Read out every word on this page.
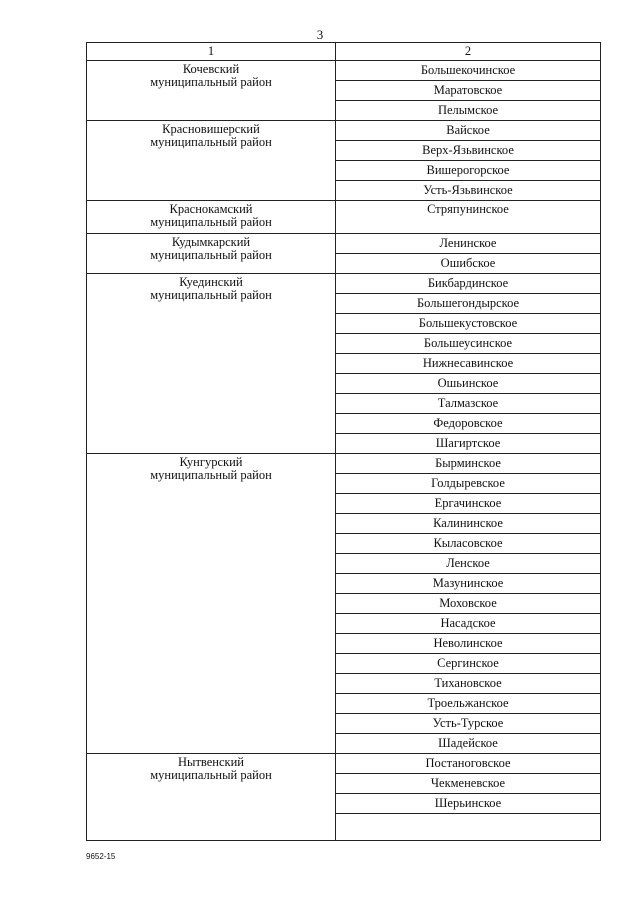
3
1	2
Кочевский
муниципальный район	Большекочинское
	Маратовское
	Пелымское
Красновишерский
муниципальный район	Вайское
	Верх-Язьвинское
	Вишерогорское
	Усть-Язьвинское
Краснокамский
муниципальный район	Стряпунинское
Кудымкарский
муниципальный район	Ленинское
	Ошибское
Куединский
муниципальный район	Бикбардинское
	Большегондырское
	Большекустовское
	Большеусинское
	Нижнесавинское
	Ошьинское
	Талмазское
	Федоровское
	Шагиртское
Кунгурский
муниципальный район	Бырминское
	Голдыревское
	Ергачинское
	Калининское
	Кыласовское
	Ленское
	Мазунинское
	Моховское
	Насадское
	Неволинское
	Сергинское
	Тихановское
	Троельжанское
	Усть-Турское
	Шадейское
Нытвенский
муниципальный район	Постаноговское
	Чекменевское
	Шерьинское

9652-15
